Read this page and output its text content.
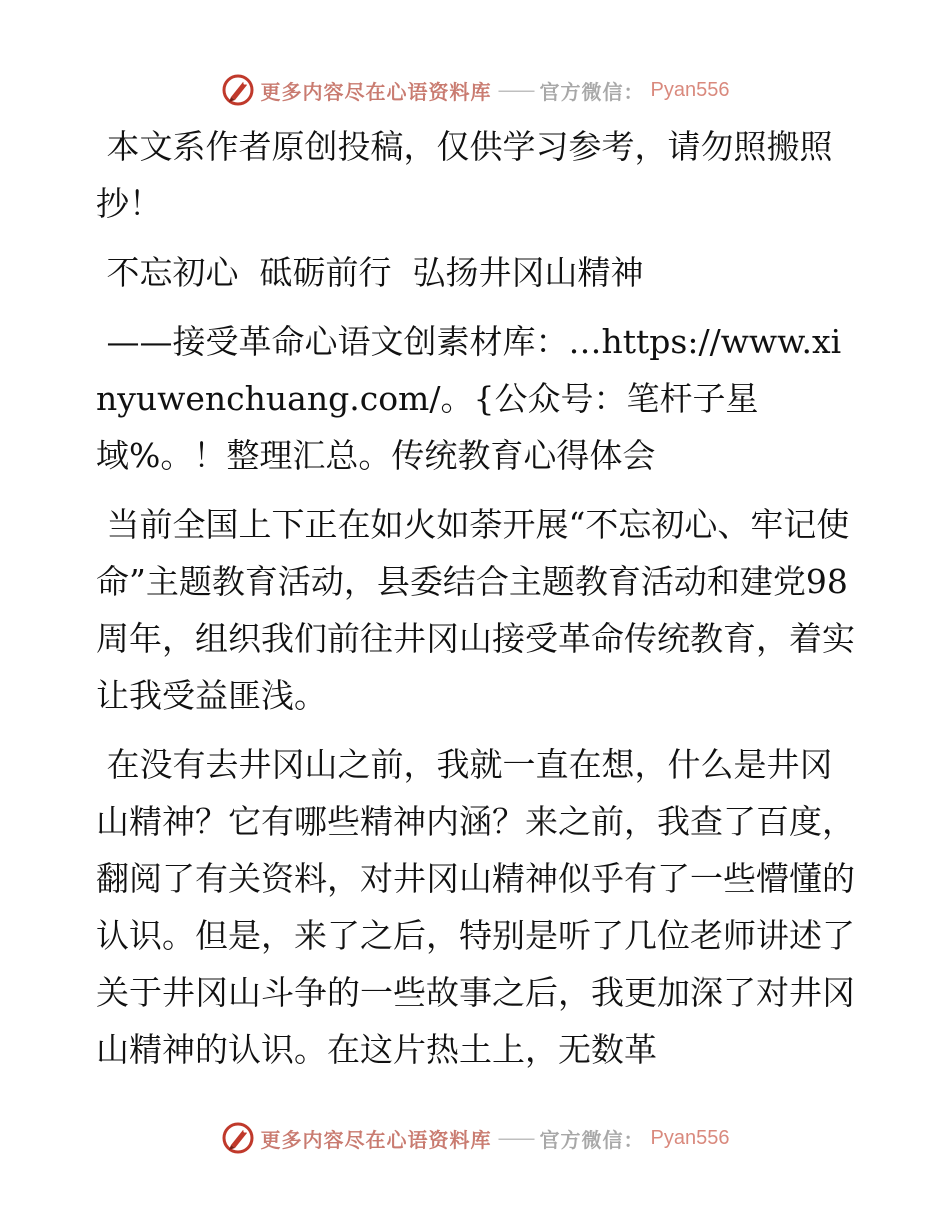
更多内容尽在心语资料库 —— 官方微信： Pyan556

本文系作者原创投稿，仅供学习参考，请勿照搬照抄！

不忘初心  砥砺前行  弘扬井冈山精神

——接受革命心语文创素材库：…https://www.xinyuwenchuang.com/。{公众号：笔杆子星域%。！整理汇总。传统教育心得体会

当前全国上下正在如火如荼开展“不忘初心、牢记使命”主题教育活动，县委结合主题教育活动和建党98周年，组织我们前往井冈山接受革命传统教育，着实让我受益匪浅。

在没有去井冈山之前，我就一直在想，什么是井冈山精神？它有哪些精神内涵？来之前，我查了百度，翻阅了有关资料，对井冈山精神似乎有了一些懵懂的认识。但是，来了之后，特别是听了几位老师讲述了关于井冈山斗争的一些故事之后，我更加深了对井冈山精神的认识。在这片热土上，无数革

更多内容尽在心语资料库 —— 官方微信： Pyan556
